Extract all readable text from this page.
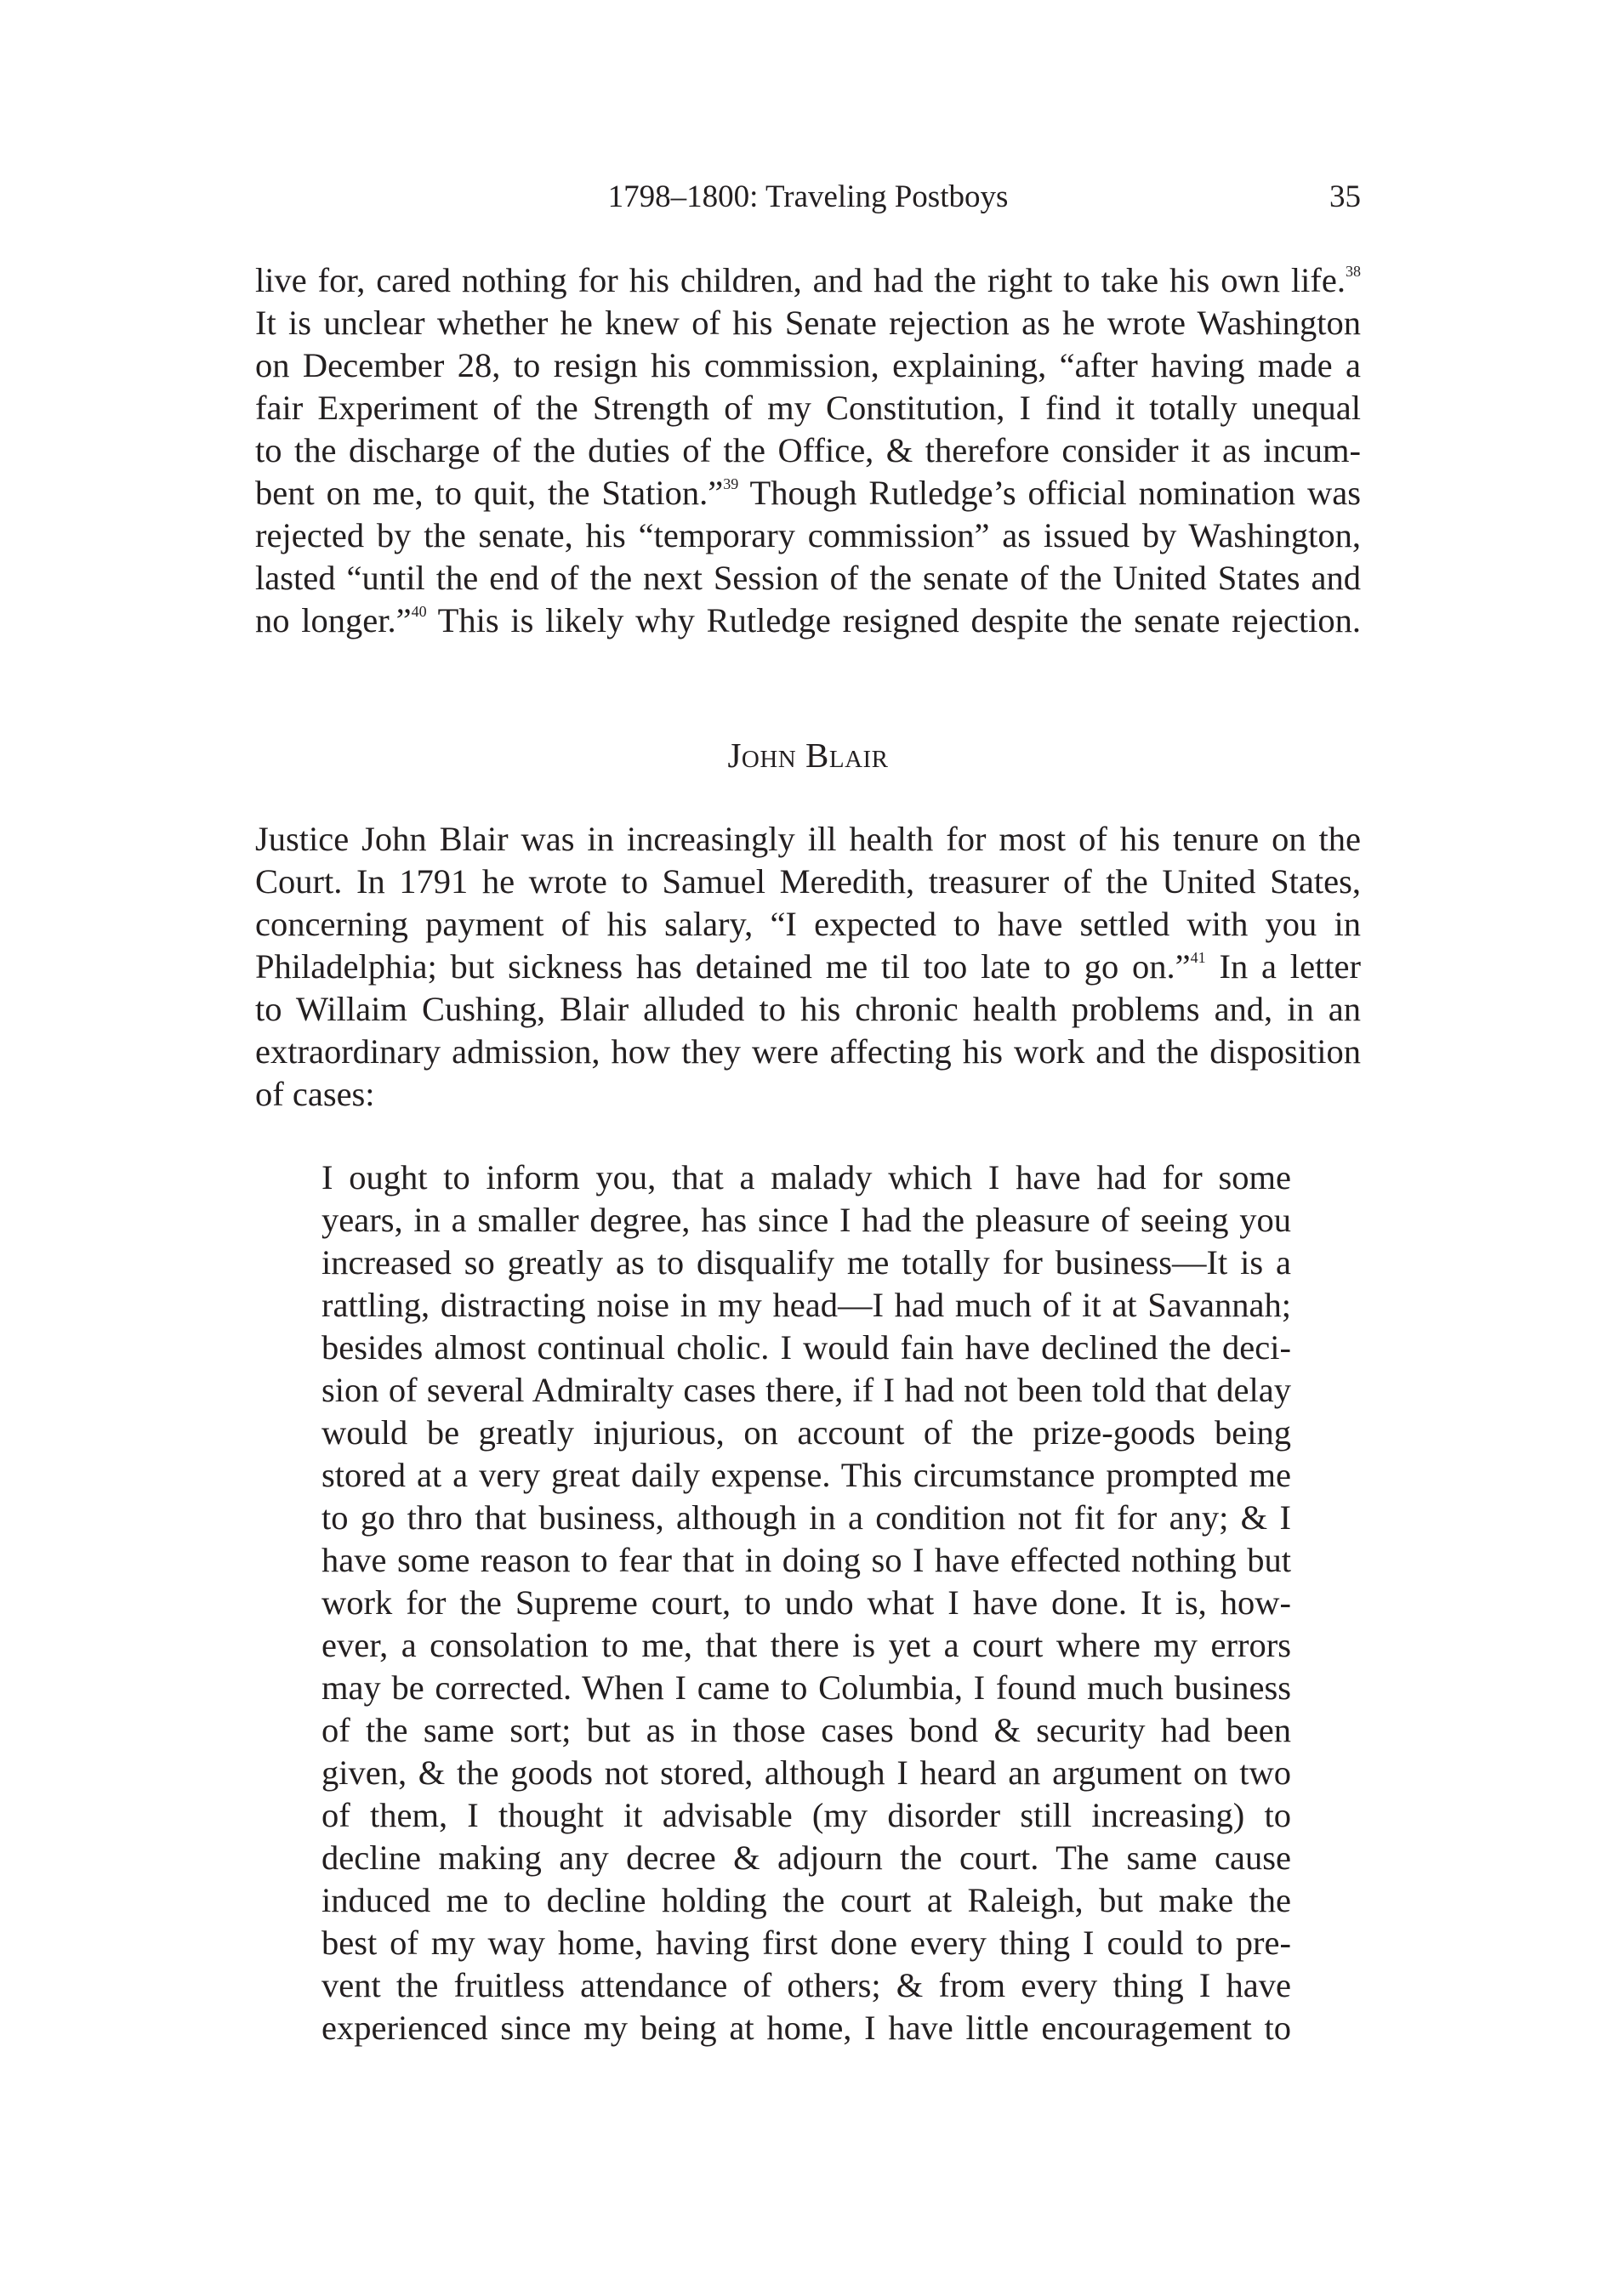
1798–1800: Traveling Postboys	35
live for, cared nothing for his children, and had the right to take his own life.$^{38}$
It is unclear whether he knew of his Senate rejection as he wrote Washington
on December 28, to resign his commission, explaining, “after having made a
fair Experiment of the Strength of my Constitution, I find it totally unequal
to the discharge of the duties of the Office, & therefore consider it as incum-
bent on me, to quit, the Station.”$^{39}$ Though Rutledge’s official nomination was
rejected by the senate, his “temporary commission” as issued by Washington,
lasted “until the end of the next Session of the senate of the United States and
no longer.”$^{40}$ This is likely why Rutledge resigned despite the senate rejection.
John Blair
Justice John Blair was in increasingly ill health for most of his tenure on the
Court. In 1791 he wrote to Samuel Meredith, treasurer of the United States,
concerning payment of his salary, “I expected to have settled with you in
Philadelphia; but sickness has detained me til too late to go on.”$^{41}$ In a letter
to Willaim Cushing, Blair alluded to his chronic health problems and, in an
extraordinary admission, how they were affecting his work and the disposition
of cases:
I ought to inform you, that a malady which I have had for some
years, in a smaller degree, has since I had the pleasure of seeing you
increased so greatly as to disqualify me totally for business—It is a
rattling, distracting noise in my head—I had much of it at Savannah;
besides almost continual cholic. I would fain have declined the deci-
sion of several Admiralty cases there, if I had not been told that delay
would be greatly injurious, on account of the prize-goods being
stored at a very great daily expense. This circumstance prompted me
to go thro that business, although in a condition not fit for any; & I
have some reason to fear that in doing so I have effected nothing but
work for the Supreme court, to undo what I have done. It is, how-
ever, a consolation to me, that there is yet a court where my errors
may be corrected. When I came to Columbia, I found much business
of the same sort; but as in those cases bond & security had been
given, & the goods not stored, although I heard an argument on two
of them, I thought it advisable (my disorder still increasing) to
decline making any decree & adjourn the court. The same cause
induced me to decline holding the court at Raleigh, but make the
best of my way home, having first done every thing I could to pre-
vent the fruitless attendance of others; & from every thing I have
experienced since my being at home, I have little encouragement to
